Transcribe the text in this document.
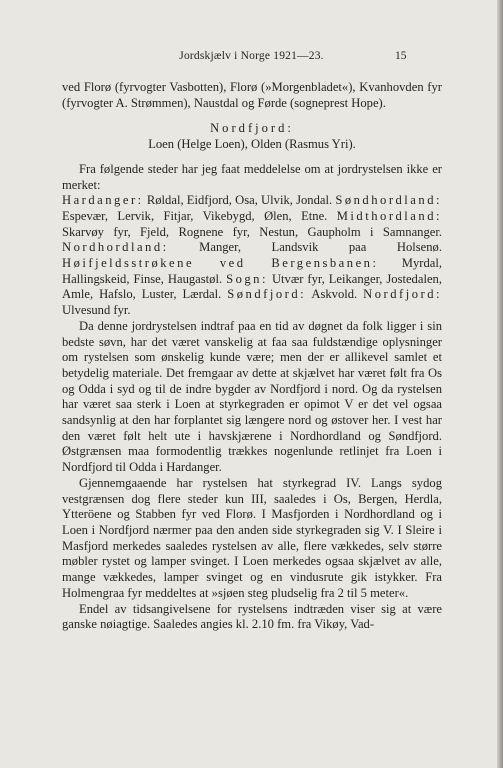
Jordskjælv i Norge 1921—23.	15

ved Florø (fyrvogter Vasbotten), Florø (»Morgenbladet«), Kvanhovden fyr (fyrvogter A. Strømmen), Naustdal og Førde (sogneprest Hope).

Nordfjord:

Loen (Helge Loen), Olden (Rasmus Yri).

Fra følgende steder har jeg faat meddelelse om at jordrystelsen ikke er merket:
Hardanger: Røldal, Eidfjord, Osa, Ulvik, Jondal. Søndhordland: Espevær, Lervik, Fitjar, Vikebygd, Ølen, Etne. Midthordland: Skarvøy fyr, Fjeld, Rognene fyr, Nestun, Gaupholm i Samnanger. Nordhordland: Manger, Landsvik paa Holsenø. Høifjeldsstrøkene ved Bergensbanen: Myrdal, Hallingskeid, Finse, Haugastøl. Sogn: Utvær fyr, Leikanger, Jostedalen, Amle, Hafslo, Luster, Lærdal. Søndfjord: Askvold. Nordfjord: Ulvesund fyr.

Da denne jordrystelsen indtraf paa en tid av døgnet da folk ligger i sin bedste søvn, har det været vanskelig at faa saa fuldstændige oplysninger om rystelsen som ønskelig kunde være; men der er allikevel samlet et betydelig materiale. Det fremgaar av dette at skjælvet har været følt fra Os og Odda i syd og til de indre bygder av Nordfjord i nord. Og da rystelsen har været saa sterk i Loen at styrkegraden er opimot V er det vel ogsaa sandsynlig at den har forplantet sig længere nord og østover her. I vest har den været følt helt ute i havskjærene i Nordhordland og Søndfjord. Østgrænsen maa formodentlig trækkes nogenlunde retlinjet fra Loen i Nordfjord til Odda i Hardanger.

Gjennemgaaende har rystelsen hat styrkegrad IV. Langs sydog vestgrænsen dog flere steder kun III, saaledes i Os, Bergen, Herdla, Ytteröene og Stabben fyr ved Florø. I Masfjorden i Nordhordland og i Loen i Nordfjord nærmer paa den anden side styrkegraden sig V. I Sleire i Masfjord merkedes saaledes rystelsen av alle, flere vækkedes, selv større møbler rystet og lamper svinget. I Loen merkedes ogsaa skjælvet av alle, mange vækkedes, lamper svinget og en vindusrute gik istykker. Fra Holmengraa fyr meddeltes at »sjøen steg pludselig fra 2 til 5 meter«.

Endel av tidsangivelsene for rystelsens indtræden viser sig at være ganske nøiagtige. Saaledes angies kl. 2.10 fm. fra Vikøy, Vad-
